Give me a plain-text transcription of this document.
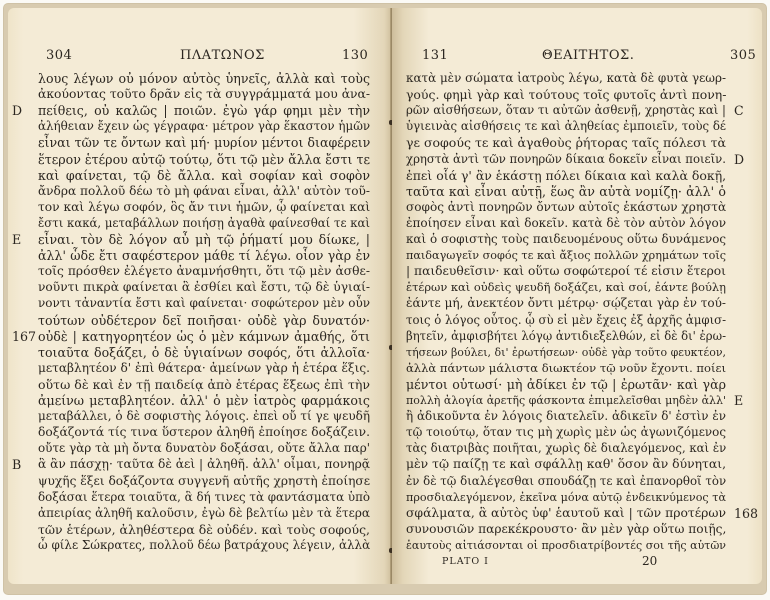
304	ΠΛΑΤΩΝΟΣ	130
λους λέγων οὐ μόνον αὐτὸς ὑηνεῖς, ἀλλὰ καὶ τοὺς
ἀκούοντας τοῦτο δρᾶν εἰς τὰ συγγράμματά μου ἀνα-
πείθεις, οὐ καλῶς | ποιῶν. ἐγὼ γάρ φημι μὲν τὴν
ἀλήθειαν ἔχειν ὡς γέγραφα· μέτρον γὰρ ἕκαστον ἡμῶν
εἶναι τῶν τε ὄντων καὶ μή· μυρίον μέντοι διαφέρειν
ἕτερον ἑτέρου αὐτῷ τούτῳ, ὅτι τῷ μὲν ἄλλα ἔστι τε
καὶ φαίνεται, τῷ δὲ ἄλλα. καὶ σοφίαν καὶ σοφὸν
ἄνδρα πολλοῦ δέω τὸ μὴ φάναι εἶναι, ἀλλ' αὐτὸν τοῦ-
τον καὶ λέγω σοφόν, ὃς ἄν τινι ἡμῶν, ᾧ φαίνεται καὶ
ἔστι κακά, μεταβάλλων ποιήσῃ ἀγαθὰ φαίνεσθαί τε καὶ
εἶναι. τὸν δὲ λόγον αὖ μὴ τῷ ῥήματί μου δίωκε, |
ἀλλ' ὧδε ἔτι σαφέστερον μάθε τί λέγω. οἷον γὰρ ἐν
τοῖς πρόσθεν ἐλέγετο ἀναμνήσθητι, ὅτι τῷ μὲν ἀσθε-
νοῦντι πικρὰ φαίνεται ἃ ἐσθίει καὶ ἔστι, τῷ δὲ ὑγιαί-
νοντι τἀναντία ἔστι καὶ φαίνεται· σοφώτερον μὲν οὖν
τούτων οὐδέτερον δεῖ ποιῆσαι· οὐδὲ γὰρ δυνατόν·
οὐδὲ | κατηγορητέον ὡς ὁ μὲν κάμνων ἀμαθής, ὅτι
τοιαῦτα δοξάζει, ὁ δὲ ὑγιαίνων σοφός, ὅτι ἀλλοῖα·
μεταβλητέον δ' ἐπὶ θάτερα· ἀμείνων γὰρ ἡ ἑτέρα ἕξις.
οὕτω δὲ καὶ ἐν τῇ παιδείᾳ ἀπὸ ἑτέρας ἕξεως ἐπὶ τὴν
ἀμείνω μεταβλητέον. ἀλλ' ὁ μὲν ἰατρὸς φαρμάκοις
μεταβάλλει, ὁ δὲ σοφιστὴς λόγοις. ἐπεὶ οὔ τί γε ψευδῆ
δοξάζοντά τίς τινα ὕστερον ἀληθῆ ἐποίησε δοξάζειν.
οὔτε γὰρ τὰ μὴ ὄντα δυνατὸν δοξάσαι, οὔτε ἄλλα παρ'
ἃ ἂν πάσχῃ· ταῦτα δὲ ἀεὶ | ἀληθῆ. ἀλλ' οἶμαι, πονηρᾷ
ψυχῆς ἕξει δοξάζοντα συγγενῆ αὐτῆς χρηστὴ ἐποίησε
δοξάσαι ἕτερα τοιαῦτα, ἃ δή τινες τὰ φαντάσματα ὑπὸ
ἀπειρίας ἀληθῆ καλοῦσιν, ἐγὼ δὲ βελτίω μὲν τὰ ἕτερα
τῶν ἑτέρων, ἀληθέστερα δὲ οὐδέν. καὶ τοὺς σοφούς,
ὦ φίλε Σώκρατες, πολλοῦ δέω βατράχους λέγειν, ἀλλὰ
D
E
167
B
131	ΘΕΑΙΤΗΤΟΣ.	305
κατὰ μὲν σώματα ἰατροὺς λέγω, κατὰ δὲ φυτὰ γεωρ-
γούς. φημὶ γὰρ καὶ τούτους τοῖς φυτοῖς ἀντὶ πονη-
ρῶν αἰσθήσεων, ὅταν τι αὐτῶν ἀσθενῇ, χρηστὰς καὶ |
ὑγιεινὰς αἰσθήσεις τε καὶ ἀληθείας ἐμποιεῖν, τοὺς δέ
γε σοφούς τε καὶ ἀγαθοὺς ῥήτορας ταῖς πόλεσι τὰ
χρηστὰ ἀντὶ τῶν πονηρῶν δίκαια δοκεῖν εἶναι ποιεῖν.
ἐπεὶ οἷά γ' ἂν ἑκάστῃ πόλει δίκαια καὶ καλὰ δοκῇ,
ταῦτα καὶ εἶναι αὐτῇ, ἕως ἂν αὐτὰ νομίζῃ· ἀλλ' ὁ
σοφὸς ἀντὶ πονηρῶν ὄντων αὐτοῖς ἑκάστων χρηστὰ
ἐποίησεν εἶναι καὶ δοκεῖν. κατὰ δὲ τὸν αὐτὸν λόγον
καὶ ὁ σοφιστὴς τοὺς παιδευομένους οὕτω δυνάμενος
παιδαγωγεῖν σοφός τε καὶ ἄξιος πολλῶν χρημάτων τοῖς
| παιδευθεῖσιν· καὶ οὕτω σοφώτεροί τέ εἰσιν ἕτεροι
ἑτέρων καὶ οὐδεὶς ψευδῆ δοξάζει, καὶ σοί, ἐάντε βούλῃ
ἐάντε μή, ἀνεκτέον ὄντι μέτρῳ· σῴζεται γὰρ ἐν τού-
τοις ὁ λόγος οὗτος. ᾧ σὺ εἰ μὲν ἔχεις ἐξ ἀρχῆς ἀμφισ-
βητεῖν, ἀμφισβήτει λόγῳ ἀντιδιεξελθών, εἰ δὲ δι' ἐρω-
τήσεων βούλει, δι' ἐρωτήσεων· οὐδὲ γὰρ τοῦτο φευκτέον,
ἀλλὰ πάντων μάλιστα διωκτέον τῷ νοῦν ἔχοντι. ποίει
μέντοι οὑτωσί· μὴ ἀδίκει ἐν τῷ | ἐρωτᾶν· καὶ γὰρ
πολλὴ ἀλογία ἀρετῆς φάσκοντα ἐπιμελεῖσθαι μηδὲν ἀλλ'
ἢ ἀδικοῦντα ἐν λόγοις διατελεῖν. ἀδικεῖν δ' ἐστὶν ἐν
τῷ τοιούτῳ, ὅταν τις μὴ χωρὶς μὲν ὡς ἀγωνιζόμενος
τὰς διατριβὰς ποιῆται, χωρὶς δὲ διαλεγόμενος, καὶ ἐν
μὲν τῷ παίζῃ τε καὶ σφάλλῃ καθ' ὅσον ἂν δύνηται,
ἐν δὲ τῷ διαλέγεσθαι σπουδάζῃ τε καὶ ἐπανορθοῖ τὸν
προσδιαλεγόμενον, ἐκεῖνα μόνα αὐτῷ ἐνδεικνύμενος τὰ
σφάλματα, ἃ αὐτὸς ὑφ' ἑαυτοῦ καὶ | τῶν προτέρων
συνουσιῶν παρεκέκρουστο· ἂν μὲν γὰρ οὕτω ποιῇς,
ἑαυτοὺς αἰτιάσονται οἱ προσδιατρίβοντές σοι τῆς αὑτῶν
C
D
E
168
PLATO I	20
